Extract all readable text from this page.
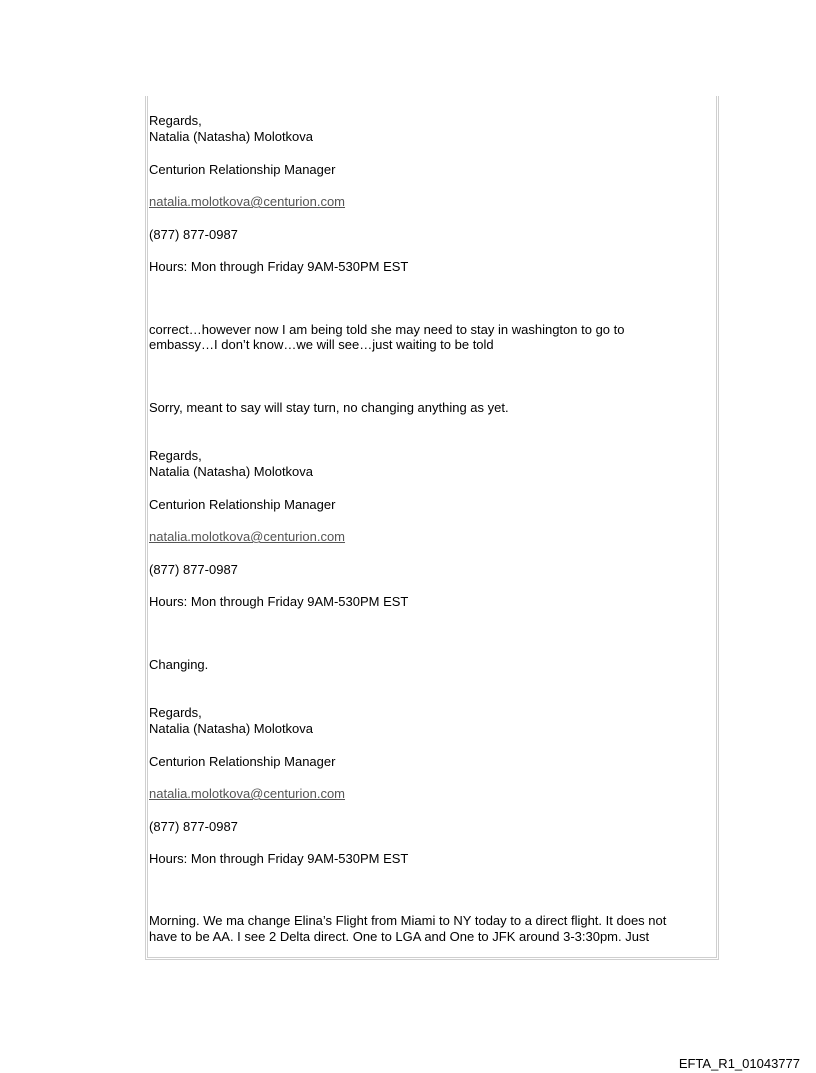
Regards,
Natalia (Natasha) Molotkova
Centurion Relationship Manager
natalia.molotkova@centurion.com
(877) 877-0987
Hours: Mon through Friday 9AM-530PM EST
correct…however now I am being told she may need to stay in washington to go to
embassy…I don’t know…we will see…just waiting to be told
Sorry, meant to say will stay turn, no changing anything as yet.
Regards,
Natalia (Natasha) Molotkova
Centurion Relationship Manager
natalia.molotkova@centurion.com
(877) 877-0987
Hours: Mon through Friday 9AM-530PM EST
Changing.
Regards,
Natalia (Natasha) Molotkova
Centurion Relationship Manager
natalia.molotkova@centurion.com
(877) 877-0987
Hours: Mon through Friday 9AM-530PM EST
Morning. We ma change Elina’s Flight from Miami to NY today to a direct flight. It does not
have to be AA. I see 2 Delta direct. One to LGA and One to JFK around 3-3:30pm. Just
EFTA_R1_01043777
